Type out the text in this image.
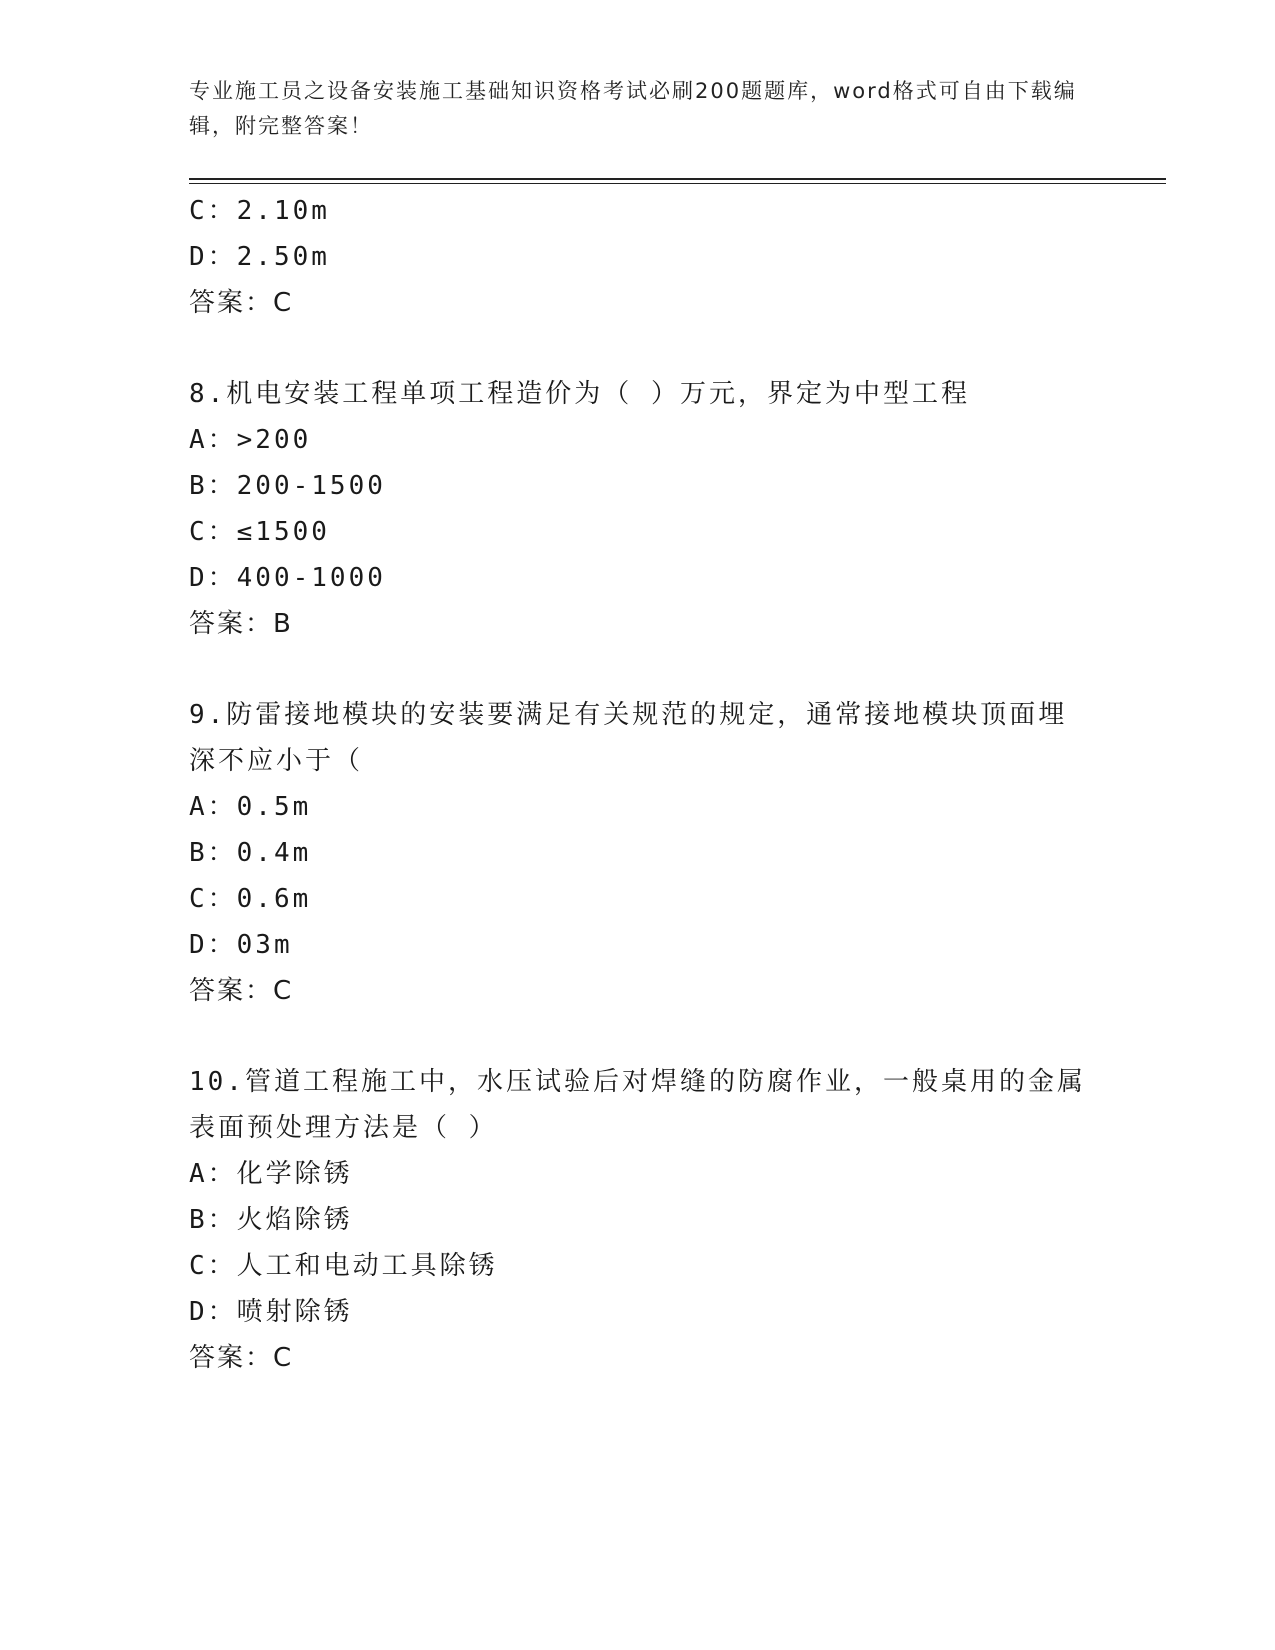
专业施工员之设备安装施工基础知识资格考试必刷200题题库，word格式可自由下载编辑，附完整答案！
C：2.10m
D：2.50m
答案：C
8.机电安装工程单项工程造价为（ ）万元，界定为中型工程
A：>200
B：200-1500
C：≤1500
D：400-1000
答案：B
9.防雷接地模块的安装要满足有关规范的规定，通常接地模块顶面埋深不应小于（
A：0.5m
B：0.4m
C：0.6m
D：03m
答案：C
10.管道工程施工中，水压试验后对焊缝的防腐作业，一般桌用的金属表面预处理方法是（ ）
A：化学除锈
B：火焰除锈
C：人工和电动工具除锈
D：喷射除锈
答案：C
